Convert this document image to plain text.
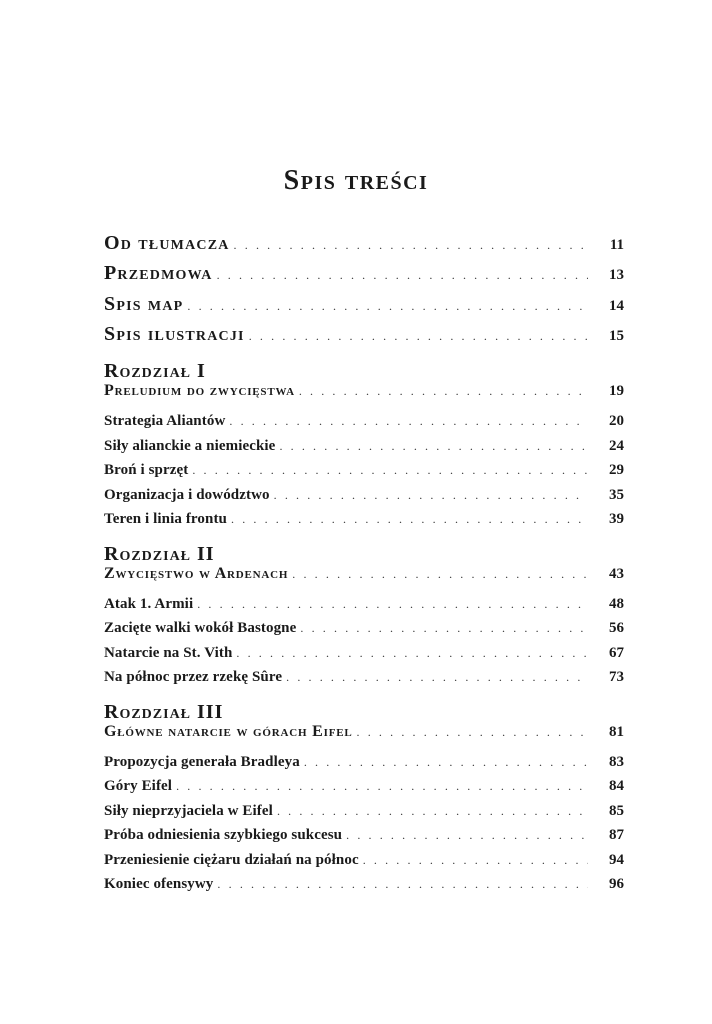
Spis treści
Od tłumacza . . .	11
Przedmowa . . .	13
Spis map . . .	14
Spis ilustracji . . .	15
Rozdział I
Preludium do zwycięstwa . . .	19
Strategia Aliantów . . .	20
Siły alianckie a niemieckie . . .	24
Broń i sprzęt . . .	29
Organizacja i dowództwo . . .	35
Teren i linia frontu . . .	39
Rozdział II
Zwycięstwo w Ardenach . . .	43
Atak 1. Armii . . .	48
Zacięte walki wokół Bastogne . . .	56
Natarcie na St. Vith . . .	67
Na północ przez rzekę Sûre . . .	73
Rozdział III
Główne natarcie w górach Eifel . . .	81
Propozycja generała Bradleya . . .	83
Góry Eifel . . .	84
Siły nieprzyjaciela w Eifel . . .	85
Próba odniesienia szybkiego sukcesu . . .	87
Przeniesienie ciężaru działań na północ . . .	94
Koniec ofensywy . . .	96
